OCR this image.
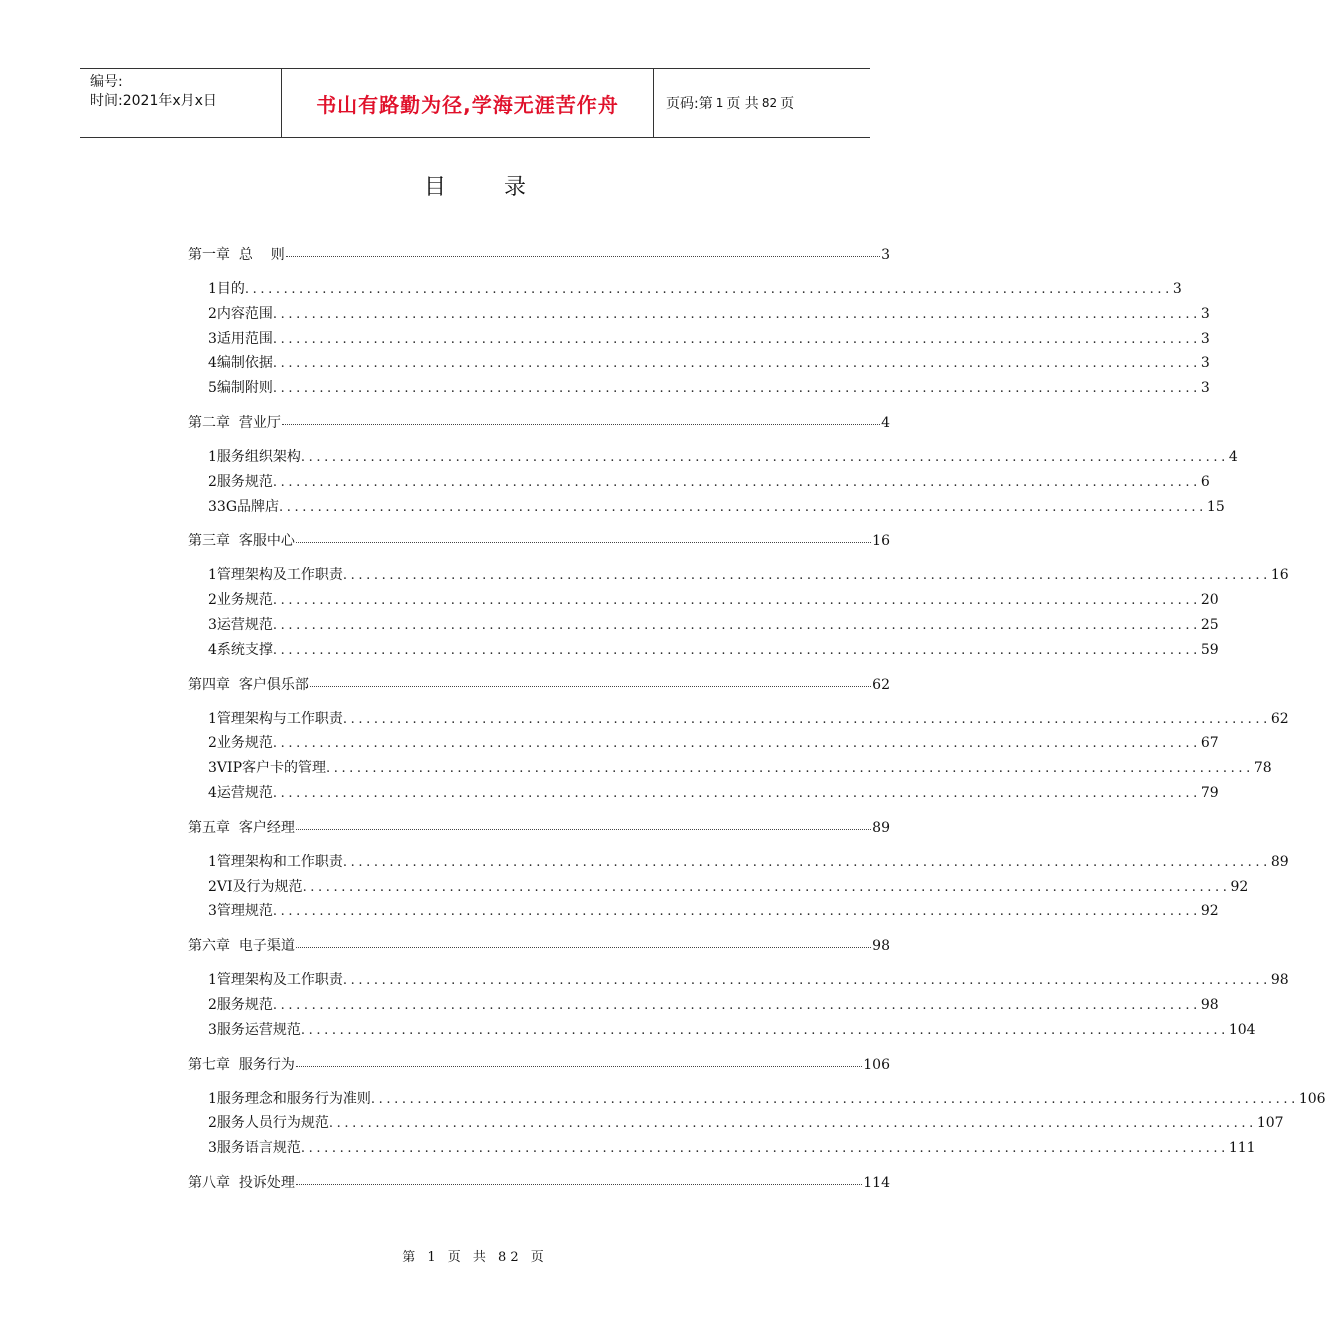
编号:
时间:2021年x月x日	书山有路勤为径,学海无涯苦作舟	页码:第 1 页 共 82 页
目	录
第一章  总    则	3
1 目的 ........................................................................................................................ 3
2 内容范围 ........................................................................................................................ 3
3 适用范围 ........................................................................................................................ 3
4 编制依据 ........................................................................................................................ 3
5 编制附则 ........................................................................................................................ 3
第二章  营业厅	4
1 服务组织架构 ........................................................................................................................ 4
2 服务规范 ........................................................................................................................ 6
3 3G品牌店 ........................................................................................................................ 15
第三章  客服中心	16
1 管理架构及工作职责 ........................................................................................................................ 16
2 业务规范 ........................................................................................................................ 20
3 运营规范 ........................................................................................................................ 25
4 系统支撑 ........................................................................................................................ 59
第四章  客户俱乐部	62
1 管理架构与工作职责 ........................................................................................................................ 62
2 业务规范 ........................................................................................................................ 67
3 VIP客户卡的管理 ........................................................................................................................ 78
4 运营规范 ........................................................................................................................ 79
第五章  客户经理	89
1 管理架构和工作职责 ........................................................................................................................ 89
2 VI及行为规范 ........................................................................................................................ 92
3 管理规范 ........................................................................................................................ 92
第六章  电子渠道	98
1 管理架构及工作职责 ........................................................................................................................ 98
2 服务规范 ........................................................................................................................ 98
3 服务运营规范 ........................................................................................................................ 104
第七章  服务行为	106
1 服务理念和服务行为准则 ........................................................................................................................ 106
2 服务人员行为规范 ........................................................................................................................ 107
3 服务语言规范 ........................................................................................................................ 111
第八章  投诉处理	114
第 1 页 共 82 页
